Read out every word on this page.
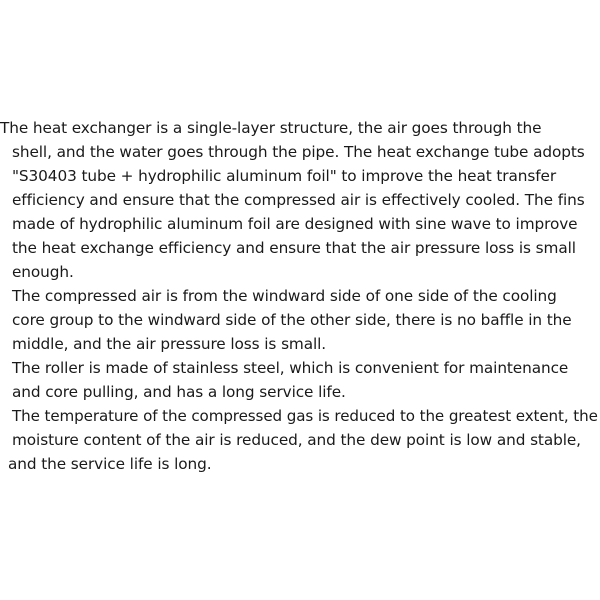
The heat exchanger is a single-layer structure, the air goes through the
shell, and the water goes through the pipe. The heat exchange tube adopts
"S30403 tube + hydrophilic aluminum foil" to improve the heat transfer
efficiency and ensure that the compressed air is effectively cooled. The fins
made of hydrophilic aluminum foil are designed with sine wave to improve
the heat exchange efficiency and ensure that the air pressure loss is small
enough.
The compressed air is from the windward side of one side of the cooling
core group to the windward side of the other side, there is no baffle in the
middle, and the air pressure loss is small.
The roller is made of stainless steel, which is convenient for maintenance
and core pulling, and has a long service life.
The temperature of the compressed gas is reduced to the greatest extent, the
moisture content of the air is reduced, and the dew point is low and stable,
and the service life is long.
